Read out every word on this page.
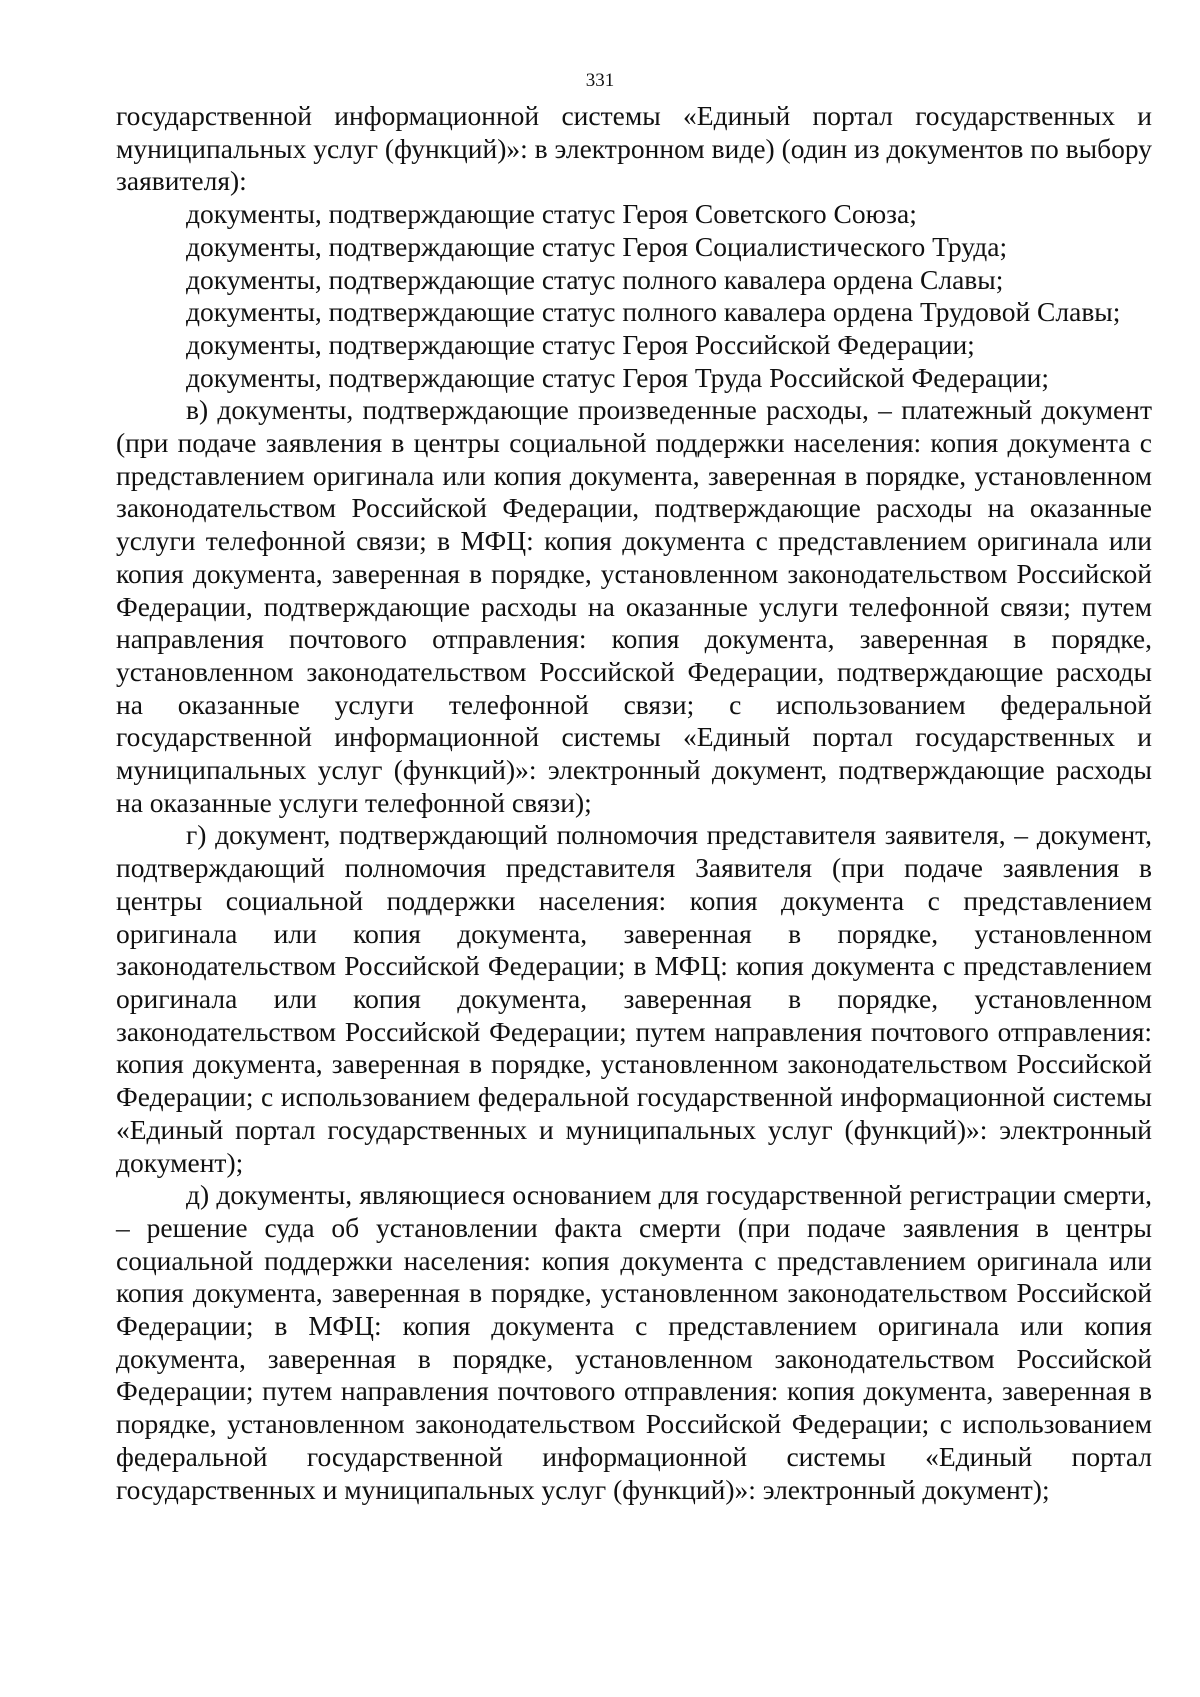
331

государственной информационной системы «Единый портал государственных и муниципальных услуг (функций)»: в электронном виде) (один из документов по выбору заявителя):

документы, подтверждающие статус Героя Советского Союза;

документы, подтверждающие статус Героя Социалистического Труда;

документы, подтверждающие статус полного кавалера ордена Славы;

документы, подтверждающие статус полного кавалера ордена Трудовой Славы;

документы, подтверждающие статус Героя Российской Федерации;

документы, подтверждающие статус Героя Труда Российской Федерации;

в) документы, подтверждающие произведенные расходы, – платежный документ (при подаче заявления в центры социальной поддержки населения: копия документа с представлением оригинала или копия документа, заверенная в порядке, установленном законодательством Российской Федерации, подтверждающие расходы на оказанные услуги телефонной связи; в МФЦ: копия документа с представлением оригинала или копия документа, заверенная в порядке, установленном законодательством Российской Федерации, подтверждающие расходы на оказанные услуги телефонной связи; путем направления почтового отправления: копия документа, заверенная в порядке, установленном законодательством Российской Федерации, подтверждающие расходы на оказанные услуги телефонной связи; с использованием федеральной государственной информационной системы «Единый портал государственных и муниципальных услуг (функций)»: электронный документ, подтверждающие расходы на оказанные услуги телефонной связи);

г) документ, подтверждающий полномочия представителя заявителя, – документ, подтверждающий полномочия представителя Заявителя (при подаче заявления в центры социальной поддержки населения: копия документа с представлением оригинала или копия документа, заверенная в порядке, установленном законодательством Российской Федерации; в МФЦ: копия документа с представлением оригинала или копия документа, заверенная в порядке, установленном законодательством Российской Федерации; путем направления почтового отправления: копия документа, заверенная в порядке, установленном законодательством Российской Федерации; с использованием федеральной государственной информационной системы «Единый портал государственных и муниципальных услуг (функций)»: электронный документ);

д) документы, являющиеся основанием для государственной регистрации смерти, – решение суда об установлении факта смерти (при подаче заявления в центры социальной поддержки населения: копия документа с представлением оригинала или копия документа, заверенная в порядке, установленном законодательством Российской Федерации; в МФЦ: копия документа с представлением оригинала или копия документа, заверенная в порядке, установленном законодательством Российской Федерации; путем направления почтового отправления: копия документа, заверенная в порядке, установленном законодательством Российской Федерации; с использованием федеральной государственной информационной системы «Единый портал государственных и муниципальных услуг (функций)»: электронный документ);
